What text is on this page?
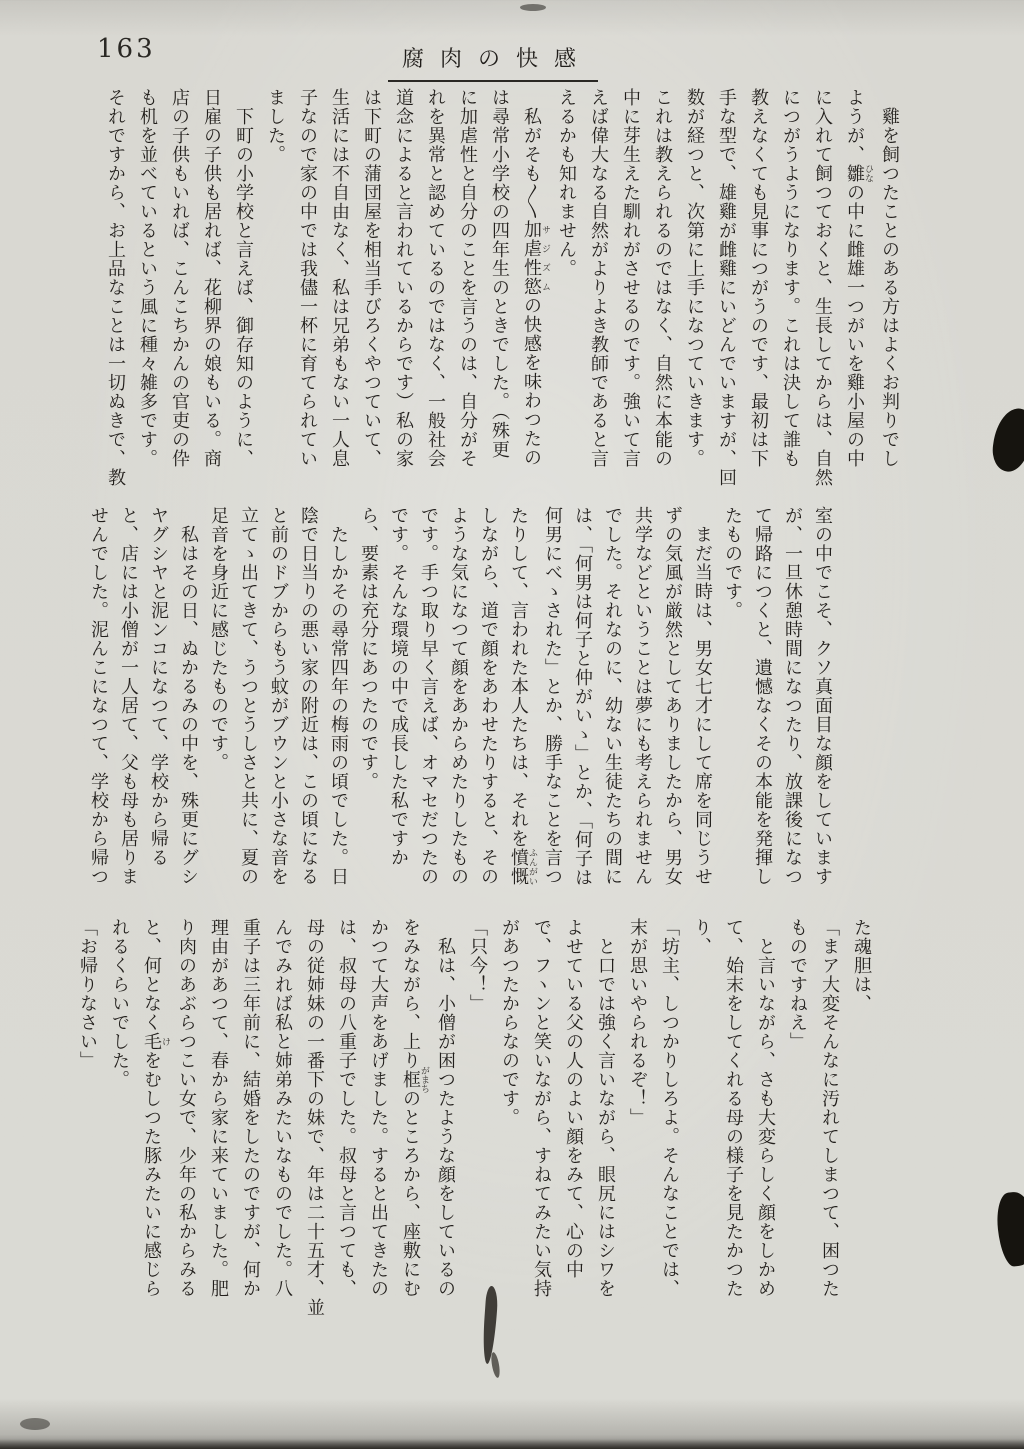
163	腐肉の快感
　雞を飼つたことのある方はよくお判りでし
ようが、雛 ひなの中に雌雄一つがいを雞小屋の中
に入れて飼つておくと、生長してからは、自然
につがうようになります。これは決して誰も
教えなくても見事につがうのです、最初は下
手な型で、雄雞が雌雞にいどんでいますが、回
数が経つと、次第に上手になつていきます。
これは教えられるのではなく、自然に本能の
中に芽生えた馴れがさせるのです。強いて言
えば偉大なる自然がよりよき教師であると言
えるかも知れません。
　私がそも〳〵加虐性慾 サジズムの快感を味わつたの
は尋常小学校の四年生のときでした。（殊更
に加虐性と自分のことを言うのは、自分がそ
れを異常と認めているのではなく、一般社会
道念によると言われているからです）私の家
は下町の蒲団屋を相当手びろくやつていて、
生活には不自由なく、私は兄弟もない一人息
子なので家の中では我儘一杯に育てられてい
ました。
　下町の小学校と言えば、御存知のように、
日雇の子供も居れば、花柳界の娘もいる。商
店の子供もいれば、こんこちかんの官吏の伜
も机を並べているという風に種々雑多です。
それですから、お上品なことは一切ぬきで、教
室の中でこそ、クソ真面目な顔をしています
が、一旦休憩時間になつたり、放課後になつ
て帰路につくと、遺憾なくその本能を発揮し
たものです。
　まだ当時は、男女七才にして席を同じうせ
ずの気風が厳然としてありましたから、男女
共学などということは夢にも考えられません
でした。それなのに、幼ない生徒たちの間に
は、「何男は何子と仲がいゝ」とか、「何子は
何男にべゝされた」とか、勝手なことを言つ
たりして、言われた本人たちは、それを憤慨 ふんがい
しながら、道で顔をあわせたりすると、その
ような気になつて顔をあからめたりしたもの
です。手つ取り早く言えば、オマセだつたの
です。そんな環境の中で成長した私ですか
ら、要素は充分にあつたのです。
　たしかその尋常四年の梅雨の頃でした。日
陰で日当りの悪い家の附近は、この頃になる
と前のドブからもう蚊がブウンと小さな音を
立てゝ出てきて、うつとうしさと共に、夏の
足音を身近に感じたものです。
　私はその日、ぬかるみの中を、殊更にグシ
ヤグシヤと泥ンコになつて、学校から帰る
と、店には小僧が一人居て、父も母も居りま
せんでした。泥んこになつて、学校から帰つ
た魂胆は、
「まア大変そんなに汚れてしまつて、困つた
ものですねえ」
　と言いながら、さも大変らしく顔をしかめ
て、始末をしてくれる母の様子を見たかつた
り、
「坊主、しつかりしろよ。そんなことでは、
末が思いやられるぞ！」
　と口では強く言いながら、眼尻にはシワを
よせている父の人のよい顔をみて、心の中
で、フヽンと笑いながら、すねてみたい気持
があつたからなのです。
「只今！」
　私は、小僧が困つたような顔をしているの
をみながら、上り框 がまちのところから、座敷にむ
かつて大声をあげました。すると出てきたの
は、叔母の八重子でした。叔母と言つても、
母の従姉妹の一番下の妹で、年は二十五才、並
んでみれば私と姉弟みたいなものでした。八
重子は三年前に、結婚をしたのですが、何か
理由があつて、春から家に来ていました。肥
り肉のあぶらつこい女で、少年の私からみる
と、何となく毛 けをむしつた豚みたいに感じら
れるくらいでした。
「お帰りなさい」
